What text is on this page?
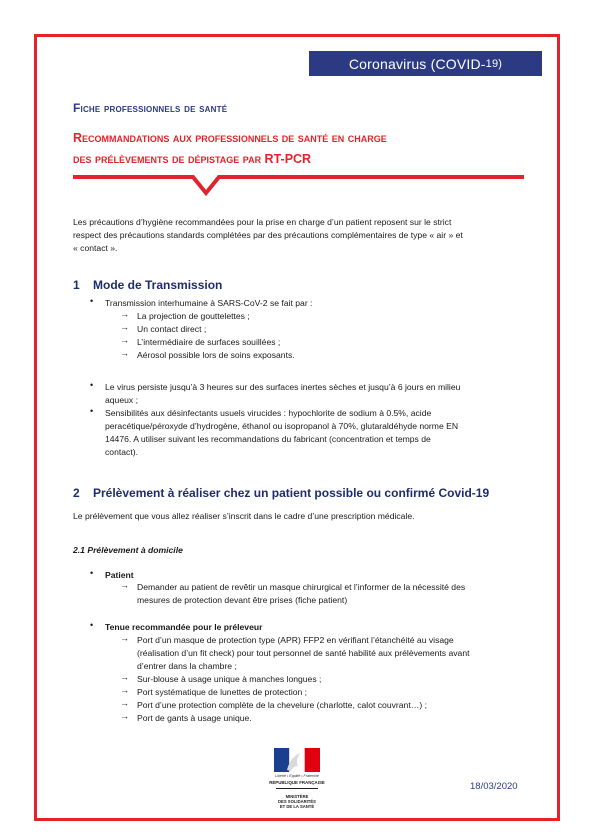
Coronavirus (COVID- 19)
Fiche professionnels de santé
Recommandations aux professionnels de santé en charge
des prélèvements de dépistage par RT-PCR
Les précautions d’hygiène recommandées pour la prise en charge d’un patient reposent sur le strict
respect des précautions standards complétées par des précautions complémentaires de type « air » et
« contact ».
1 Mode de Transmission
• Transmission interhumaine à SARS-CoV-2 se fait par :
→ La projection de gouttelettes ;
→ Un contact direct ;
→ L’intermédiaire de surfaces souillées ;
→ Aérosol possible lors de soins exposants.
• Le virus persiste jusqu’à 3 heures sur des surfaces inertes sèches et jusqu’à 6 jours en milieu
aqueux ;
• Sensibilités aux désinfectants usuels virucides : hypochlorite de sodium à 0.5%, acide
peracétique/péroxyde d’hydrogène, éthanol ou isopropanol à 70%, glutaraldéhyde norme EN
14476. A utiliser suivant les recommandations du fabricant (concentration et temps de
contact).
2 Prélèvement à réaliser chez un patient possible ou confirmé Covid-19
Le prélèvement que vous allez réaliser s’inscrit dans le cadre d’une prescription médicale.
2.1 Prélèvement à domicile
• Patient
→ Demander au patient de revêtir un masque chirurgical et l’informer de la nécessité des
mesures de protection devant être prises (fiche patient)
• Tenue recommandée pour le préleveur
→ Port d’un masque de protection type (APR) FFP2 en vérifiant l’étanchéité au visage
(réalisation d’un fit check) pour tout personnel de santé habilité aux prélèvements avant
d’entrer dans la chambre ;
→ Sur-blouse à usage unique à manches longues ;
→ Port systématique de lunettes de protection ;
→ Port d’une protection complète de la chevelure (charlotte, calot couvrant…) ;
→ Port de gants à usage unique.
Liberté • Égalité • Fraternité
RÉPUBLIQUE FRANÇAISE
MINISTÈRE
DES SOLIDARITÉS
ET DE LA SANTÉ
18/03/2020
